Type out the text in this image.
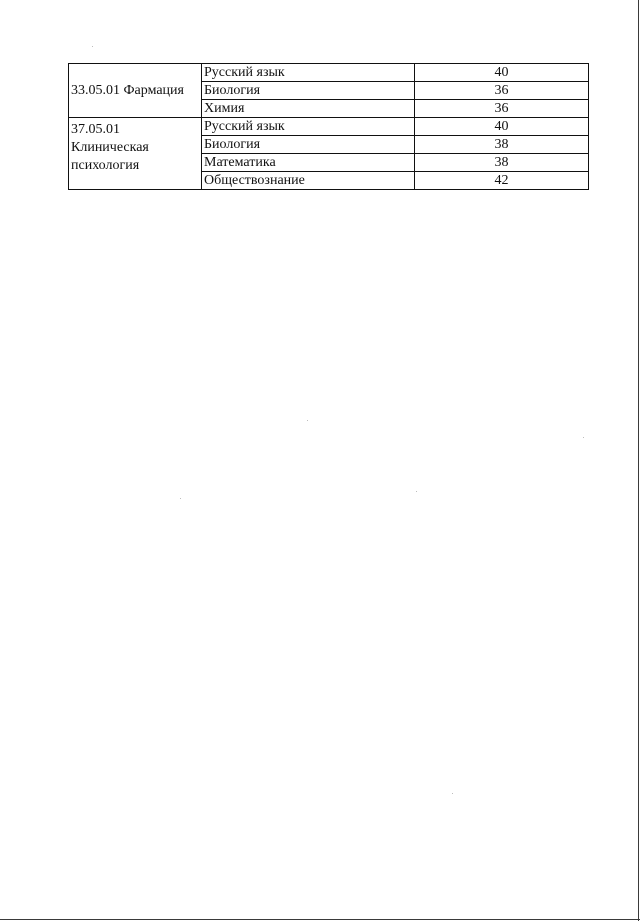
33.05.01 Фармация	Русский язык	40
	Биология	36
	Химия	36

37.05.01
Клиническая
психология	Русский язык	40
	Биология	38
	Математика	38
	Обществознание	42
